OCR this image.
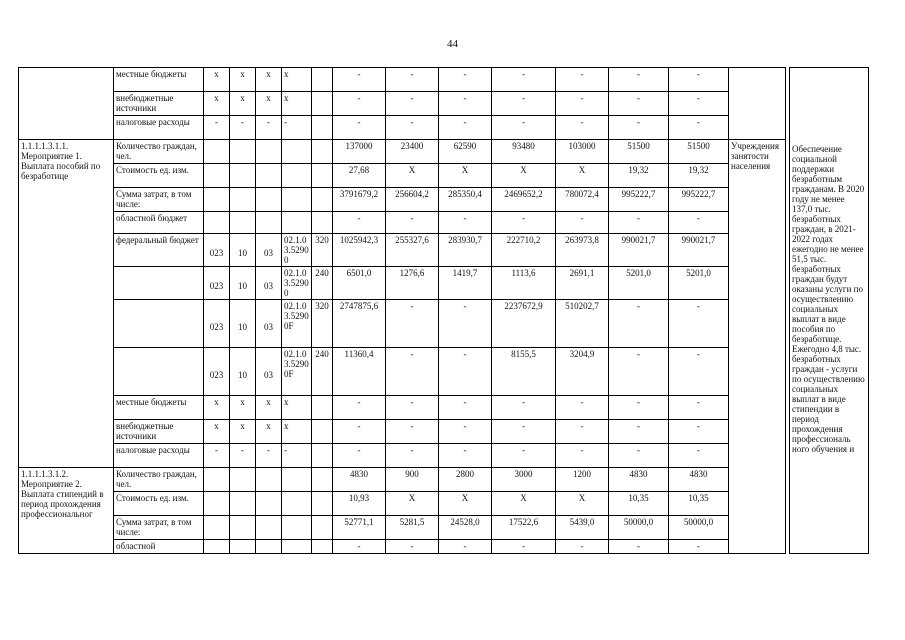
44
	местные бюджеты	x	x	x	x		-	-	-	-	-	-	-			Обеспечение социальной поддержки безработным гражданам. В 2020 году не менее 137,0 тыс. безработных граждан, в 2021-2022 годах ежегодно не менее 51,5 тыс. безработных граждан будут оказаны услуги по осуществлению социальных выплат в виде пособия по безработице. Ежегодно 4,8 тыс. безработных граждан - услуги по осуществлению социальных выплат в виде стипендии в период прохождения профессиональ ного обучения и	

	внебюджетные источники	x	x	x	x		-	-	-	-	-	-	-				
	налоговые расходы	-	-	-	-		-	-	-	-	-	-	-				
1.1.1.1.3.1.1. Мероприятие 1. Выплата пособий по безработице	Количество граждан, чел.						137000	23400	62590	93480	103000	51500	51500	Учреждения занятости населения			
	Стоимость ед. изм.						27,68	X	X	X	X	19,32	19,32				
	Сумма затрат, в том числе:						3791679,2	256604,2	285350,4	2469652,2	780072,4	995222,7	995222,7				
	областной бюджет						-	-	-	-	-	-	-				
	федеральный бюджет	023	10	03	02.1.03.52900	320	1025942,3	255327,6	283930,7	222710,2	263973,8	990021,7	990021,7				
		023	10	03	02.1.03.52900	240	6501,0	1276,6	1419,7	1113,6	2691,1	5201,0	5201,0				
		023	10	03	02.1.03.52900F	320	2747875,6	-	-	2237672,9	510202,7	-	-				
		023	10	03	02.1.03.52900F	240	11360,4	-	-	8155,5	3204,9	-	-				
	местные бюджеты	x	x	x	x		-	-	-	-	-	-	-				
	внебюджетные источники	x	x	x	x		-	-	-	-	-	-	-				
	налоговые расходы	-	-	-	-		-	-	-	-	-	-	-				
1.1.1.1.3.1.2. Мероприятие 2. Выплата стипендий в период прохождения профессиональног	Количество граждан, чел.						4830	900	2800	3000	1200	4830	4830				
	Стоимость ед. изм.						10,93	X	X	X	X	10,35	10,35				
	Сумма затрат, в том числе:						52771,1	5281,5	24528,0	17522,6	5439,0	50000,0	50000,0				
	областной						-	-	-	-	-	-	-				
